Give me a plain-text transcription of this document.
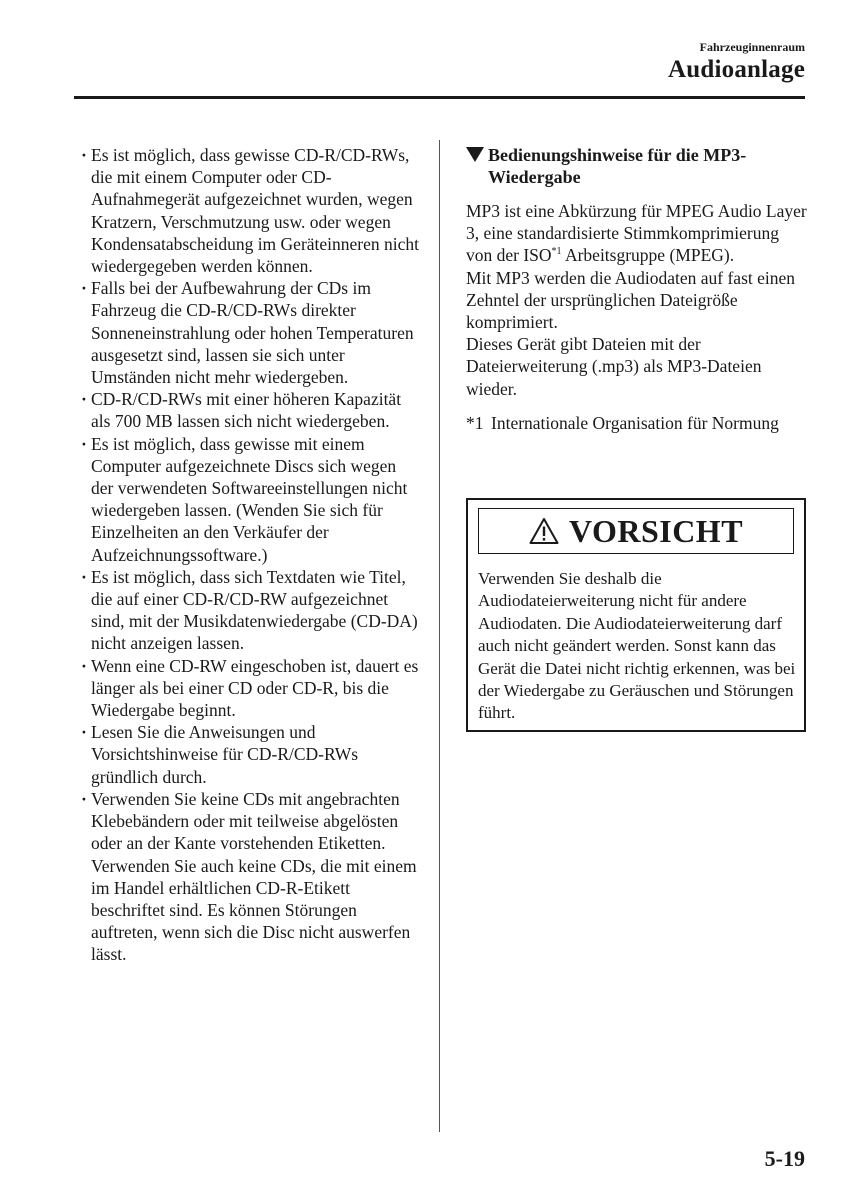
Fahrzeuginnenraum
Audioanlage
· Es ist möglich, dass gewisse CD-R/CD-RWs, die mit einem Computer oder CD-Aufnahmegerät aufgezeichnet wurden, wegen Kratzern, Verschmutzung usw. oder wegen Kondensatabscheidung im Geräteinneren nicht wiedergegeben werden können.
· Falls bei der Aufbewahrung der CDs im Fahrzeug die CD-R/CD-RWs direkter Sonneneinstrahlung oder hohen Temperaturen ausgesetzt sind, lassen sie sich unter Umständen nicht mehr wiedergeben.
· CD-R/CD-RWs mit einer höheren Kapazität als 700 MB lassen sich nicht wiedergeben.
· Es ist möglich, dass gewisse mit einem Computer aufgezeichnete Discs sich wegen der verwendeten Softwareeinstellungen nicht wiedergeben lassen. (Wenden Sie sich für Einzelheiten an den Verkäufer der Aufzeichnungssoftware.)
· Es ist möglich, dass sich Textdaten wie Titel, die auf einer CD-R/CD-RW aufgezeichnet sind, mit der Musikdatenwiedergabe (CD-DA) nicht anzeigen lassen.
· Wenn eine CD-RW eingeschoben ist, dauert es länger als bei einer CD oder CD-R, bis die Wiedergabe beginnt.
· Lesen Sie die Anweisungen und Vorsichtshinweise für CD-R/CD-RWs gründlich durch.
· Verwenden Sie keine CDs mit angebrachten Klebebändern oder mit teilweise abgelösten oder an der Kante vorstehenden Etiketten. Verwenden Sie auch keine CDs, die mit einem im Handel erhältlichen CD-R-Etikett beschriftet sind. Es können Störungen auftreten, wenn sich die Disc nicht auswerfen lässt.
Bedienungshinweise für die MP3-Wiedergabe

MP3 ist eine Abkürzung für MPEG Audio Layer 3, eine standardisierte Stimmkomprimierung von der ISO$^{*1}$ Arbeitsgruppe (MPEG).

Mit MP3 werden die Audiodaten auf fast einen Zehntel der ursprünglichen Dateigröße komprimiert.

Dieses Gerät gibt Dateien mit der Dateierweiterung (.mp3) als MP3-Dateien wieder.

*1 Internationale Organisation für Normung
VORSICHT
Verwenden Sie deshalb die Audiodateierweiterung nicht für andere Audiodaten. Die Audiodateierweiterung darf auch nicht geändert werden. Sonst kann das Gerät die Datei nicht richtig erkennen, was bei der Wiedergabe zu Geräuschen und Störungen führt.
5-19
